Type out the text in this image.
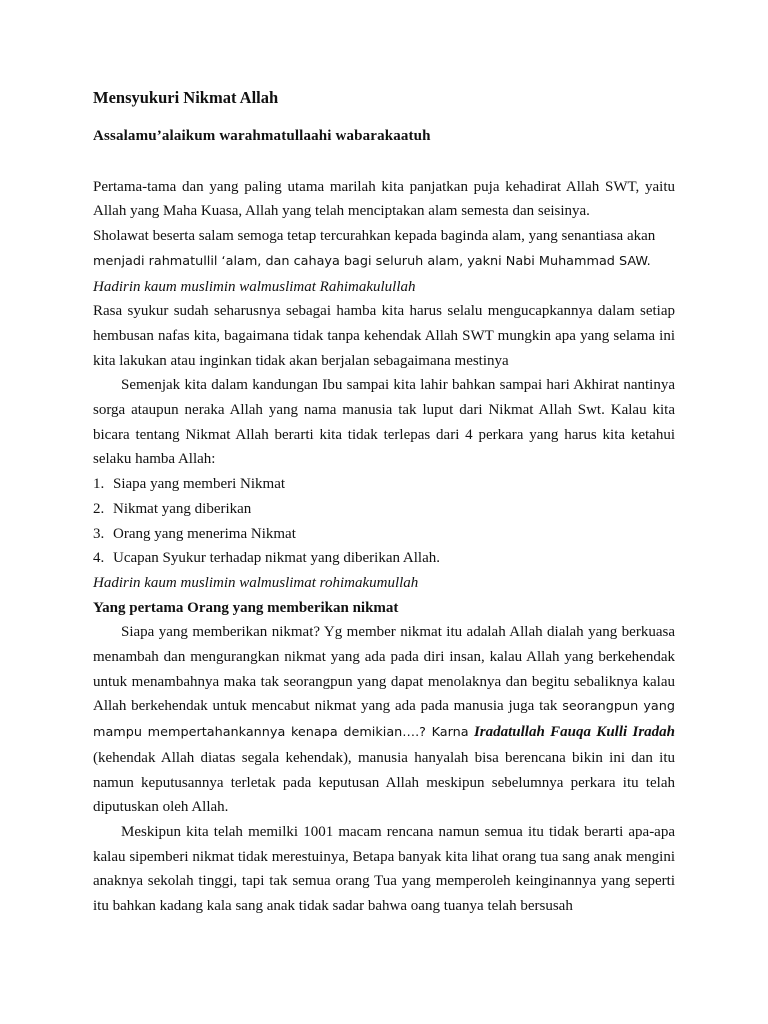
Mensyukuri Nikmat Allah

Assalamu’alaikum warahmatullaahi wabarakaatuh

Pertama-tama dan yang paling utama marilah kita panjatkan puja kehadirat Allah SWT, yaitu Allah yang Maha Kuasa, Allah yang telah menciptakan alam semesta dan seisinya.

Sholawat beserta salam semoga tetap tercurahkan kepada baginda alam, yang senantiasa akan
menjadi rahmatullil ‘alam, dan cahaya bagi seluruh alam, yakni Nabi Muhammad SAW.

Hadirin kaum muslimin walmuslimat Rahimakulullah

Rasa syukur sudah seharusnya sebagai hamba kita harus selalu mengucapkannya dalam setiap hembusan nafas kita, bagaimana tidak tanpa kehendak Allah SWT mungkin apa yang selama ini kita lakukan atau inginkan tidak akan berjalan sebagaimana mestinya

Semenjak kita dalam kandungan Ibu sampai kita lahir bahkan sampai hari Akhirat nantinya sorga ataupun neraka Allah yang nama manusia tak luput dari Nikmat Allah Swt. Kalau kita bicara tentang Nikmat Allah berarti kita tidak terlepas dari 4 perkara yang harus kita ketahui selaku hamba Allah:

1. Siapa yang memberi Nikmat
2. Nikmat yang diberikan
3. Orang yang menerima Nikmat
4. Ucapan Syukur terhadap nikmat yang diberikan Allah.

Hadirin kaum muslimin walmuslimat rohimakumullah

Yang pertama Orang yang memberikan nikmat

Siapa yang memberikan nikmat? Yg member nikmat itu adalah Allah dialah yang berkuasa menambah dan mengurangkan nikmat yang ada pada diri insan, kalau Allah yang berkehendak untuk menambahnya maka tak seorangpun yang dapat menolaknya dan begitu sebaliknya kalau Allah berkehendak untuk mencabut nikmat yang ada pada manusia juga tak seorangpun yang mampu mempertahankannya kenapa demikian….? Karna Iradatullah Fauqa Kulli Iradah (kehendak Allah diatas segala kehendak), manusia hanyalah bisa berencana bikin ini dan itu namun keputusannya terletak pada keputusan Allah meskipun sebelumnya perkara itu telah diputuskan oleh Allah.

Meskipun kita telah memilki 1001 macam rencana namun semua itu tidak berarti apa-apa kalau sipemberi nikmat tidak merestuinya, Betapa banyak kita lihat orang tua sang anak mengini anaknya sekolah tinggi, tapi tak semua orang Tua yang memperoleh keinginannya yang seperti itu bahkan kadang kala sang anak tidak sadar bahwa oang tuanya telah bersusah
